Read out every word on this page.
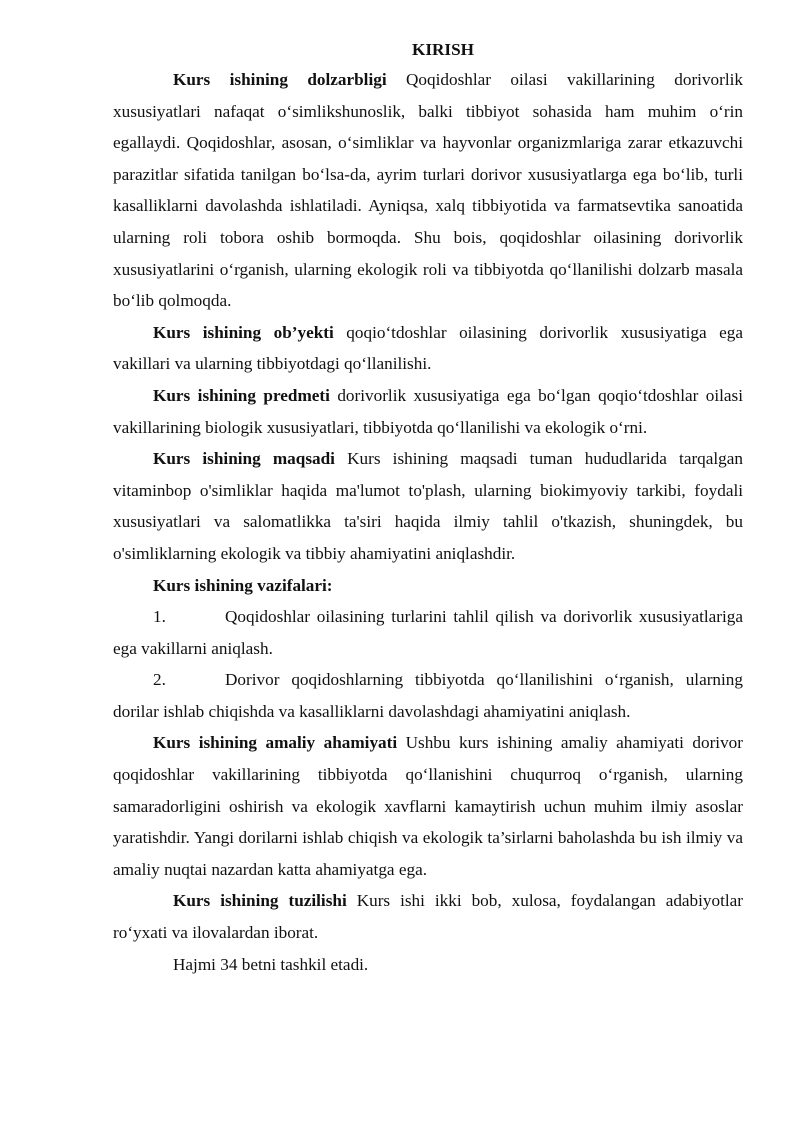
KIRISH

Kurs ishining dolzarbligi Qoqidoshlar oilasi vakillarining dorivorlik xususiyatlari nafaqat o‘simlikshunoslik, balki tibbiyot sohasida ham muhim o‘rin egallaydi. Qoqidoshlar, asosan, o‘simliklar va hayvonlar organizmlariga zarar etkazuvchi parazitlar sifatida tanilgan bo‘lsa-da, ayrim turlari dorivor xususiyatlarga ega bo‘lib, turli kasalliklarni davolashda ishlatiladi. Ayniqsa, xalq tibbiyotida va farmatsevtika sanoatida ularning roli tobora oshib bormoqda. Shu bois, qoqidoshlar oilasining dorivorlik xususiyatlarini o‘rganish, ularning ekologik roli va tibbiyotda qo‘llanilishi dolzarb masala bo‘lib qolmoqda.

Kurs ishining ob’yekti qoqio‘tdoshlar oilasining dorivorlik xususiyatiga ega vakillari va ularning tibbiyotdagi qo‘llanilishi.

Kurs ishining predmeti dorivorlik xususiyatiga ega bo‘lgan qoqio‘tdoshlar oilasi vakillarining biologik xususiyatlari, tibbiyotda qo‘llanilishi va ekologik o‘rni.

Kurs ishining maqsadi Kurs ishining maqsadi tuman hududlarida tarqalgan vitaminbop o'simliklar haqida ma'lumot to'plash, ularning biokimyoviy tarkibi, foydali xususiyatlari va salomatlikka ta'siri haqida ilmiy tahlil o'tkazish, shuningdek, bu o'simliklarning ekologik va tibbiy ahamiyatini aniqlashdir.

Kurs ishining vazifalari:

1.	Qoqidoshlar oilasining turlarini tahlil qilish va dorivorlik xususiyatlariga ega vakillarni aniqlash.

2.	Dorivor qoqidoshlarning tibbiyotda qo‘llanilishini o‘rganish, ularning dorilar ishlab chiqishda va kasalliklarni davolashdagi ahamiyatini aniqlash.

Kurs ishining amaliy ahamiyati Ushbu kurs ishining amaliy ahamiyati dorivor qoqidoshlar vakillarining tibbiyotda qo‘llanishini chuqurroq o‘rganish, ularning samaradorligini oshirish va ekologik xavflarni kamaytirish uchun muhim ilmiy asoslar yaratishdir. Yangi dorilarni ishlab chiqish va ekologik ta’sirlarni baholashda bu ish ilmiy va amaliy nuqtai nazardan katta ahamiyatga ega.

Kurs ishining tuzilishi Kurs ishi ikki bob, xulosa, foydalangan adabiyotlar ro‘yxati va ilovalardan iborat.

Hajmi 34 betni tashkil etadi.
